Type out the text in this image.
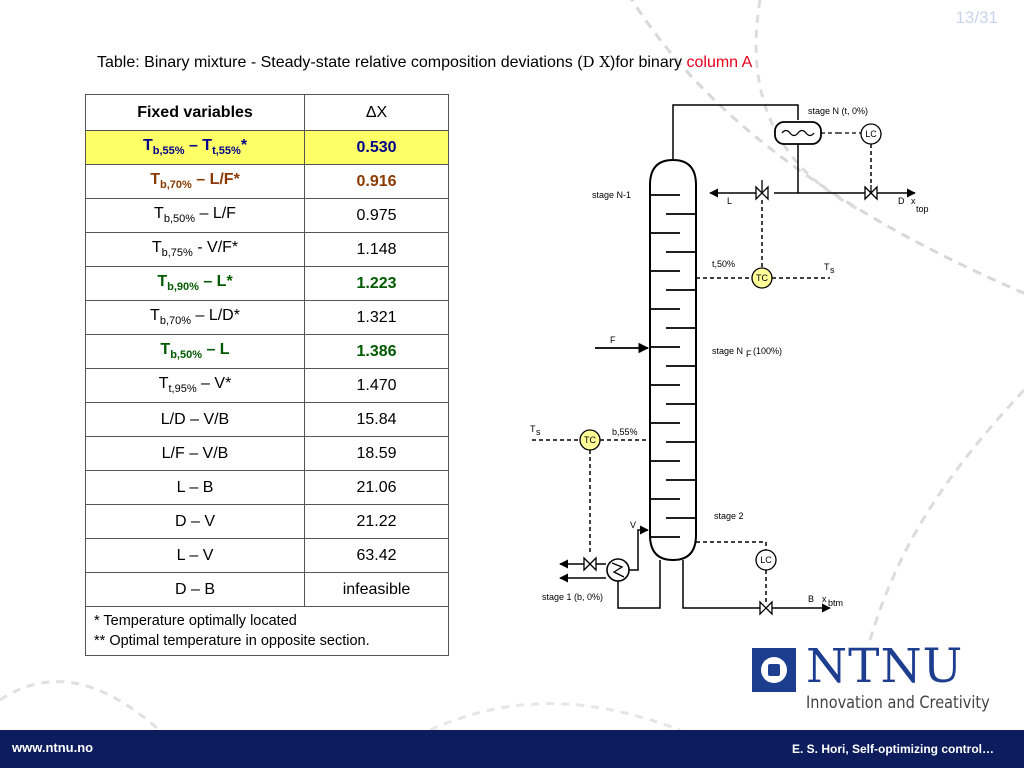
13/31
Table: Binary mixture - Steady-state relative composition deviations (D X)for binary column A
Fixed variables	ΔX
$T_{b,55\%} - T_{t,55\%}*$	0.530
$T_{b,70\%} - L/F*$	0.916
$T_{b,50\%} - L/F$	0.975
$T_{b,75\%} - V/F*$	1.148
$T_{b,90\%} - L*$	1.223
$T_{b,70\%} - L/D*$	1.321
$T_{b,50\%}$ – L	1.386
$T_{t,95\%} - V*$	1.470
L/D – V/B	15.84
L/F – V/B	18.59
L – B	21.06
D – V	21.22
L – V	63.42
D – B	infeasible

* Temperature optimally located
** Optimal temperature in opposite section.	
LC
stage N (t, 0%)
stage N-1
L	D x
top
TC
t,50%	T s
F
stage N F (100%)
TC
T s	b,55%
V
stage 1 (b, 0%)
stage 2
LC
B x btm
NTNU
Innovation and Creativity
www.ntnu.no	E. S. Hori, Self-optimizing control…
